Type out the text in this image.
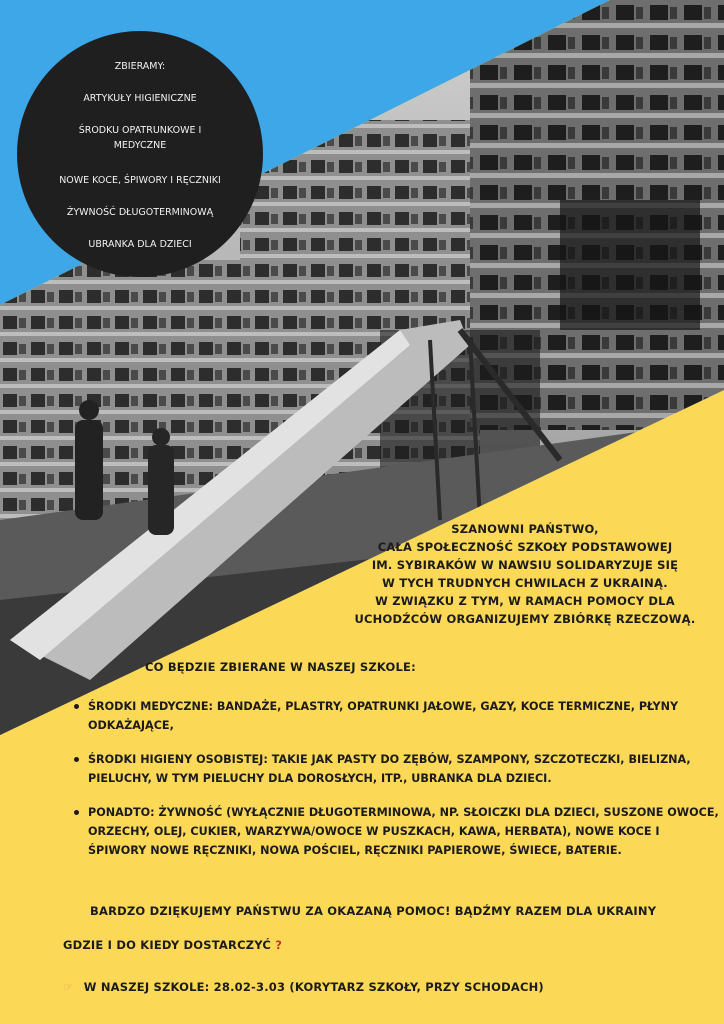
ZBIERAMY:
ARTYKUŁY HIGIENICZNE
ŚRODKU OPATRUNKOWE I MEDYCZNE
NOWE KOCE, ŚPIWORY I RĘCZNIKI
ŻYWNOŚĆ DŁUGOTERMINOWĄ
UBRANKA DLA DZIECI
SZANOWNI PAŃSTWO,
CAŁA SPOŁECZNOŚĆ SZKOŁY PODSTAWOWEJ
IM. SYBIRAKÓW W NAWSIU SOLIDARYZUJE SIĘ
W TYCH TRUDNYCH CHWILACH Z UKRAINĄ.
W ZWIĄZKU Z TYM, W RAMACH POMOCY DLA
UCHODŹCÓW ORGANIZUJEMY ZBIÓRKĘ RZECZOWĄ.
CO BĘDZIE ZBIERANE W NASZEJ SZKOLE:
ŚRODKI MEDYCZNE: BANDAŻE, PLASTRY, OPATRUNKI JAŁOWE, GAZY, KOCE TERMICZNE, PŁYNY ODKAŻAJĄCE,
ŚRODKI HIGIENY OSOBISTEJ: TAKIE JAK PASTY DO ZĘBÓW, SZAMPONY, SZCZOTECZKI, BIELIZNA, PIELUCHY, W TYM PIELUCHY DLA DOROSŁYCH, ITP., UBRANKA DLA DZIECI.
PONADTO: ŻYWNOŚĆ (WYŁĄCZNIE DŁUGOTERMINOWA, NP. SŁOICZKI DLA DZIECI, SUSZONE OWOCE, ORZECHY, OLEJ, CUKIER, WARZYWA/OWOCE W PUSZKACH, KAWA, HERBATA), NOWE KOCE I ŚPIWORY NOWE RĘCZNIKI, NOWA POŚCIEL, RĘCZNIKI PAPIEROWE, ŚWIECE, BATERIE.
BARDZO DZIĘKUJEMY PAŃSTWU ZA OKAZANĄ POMOC! BĄDŹMY RAZEM DLA UKRAINY
GDZIE I DO KIEDY DOSTARCZYĆ ?
☞ W NASZEJ SZKOLE: 28.02-3.03 (KORYTARZ SZKOŁY, PRZY SCHODACH)
